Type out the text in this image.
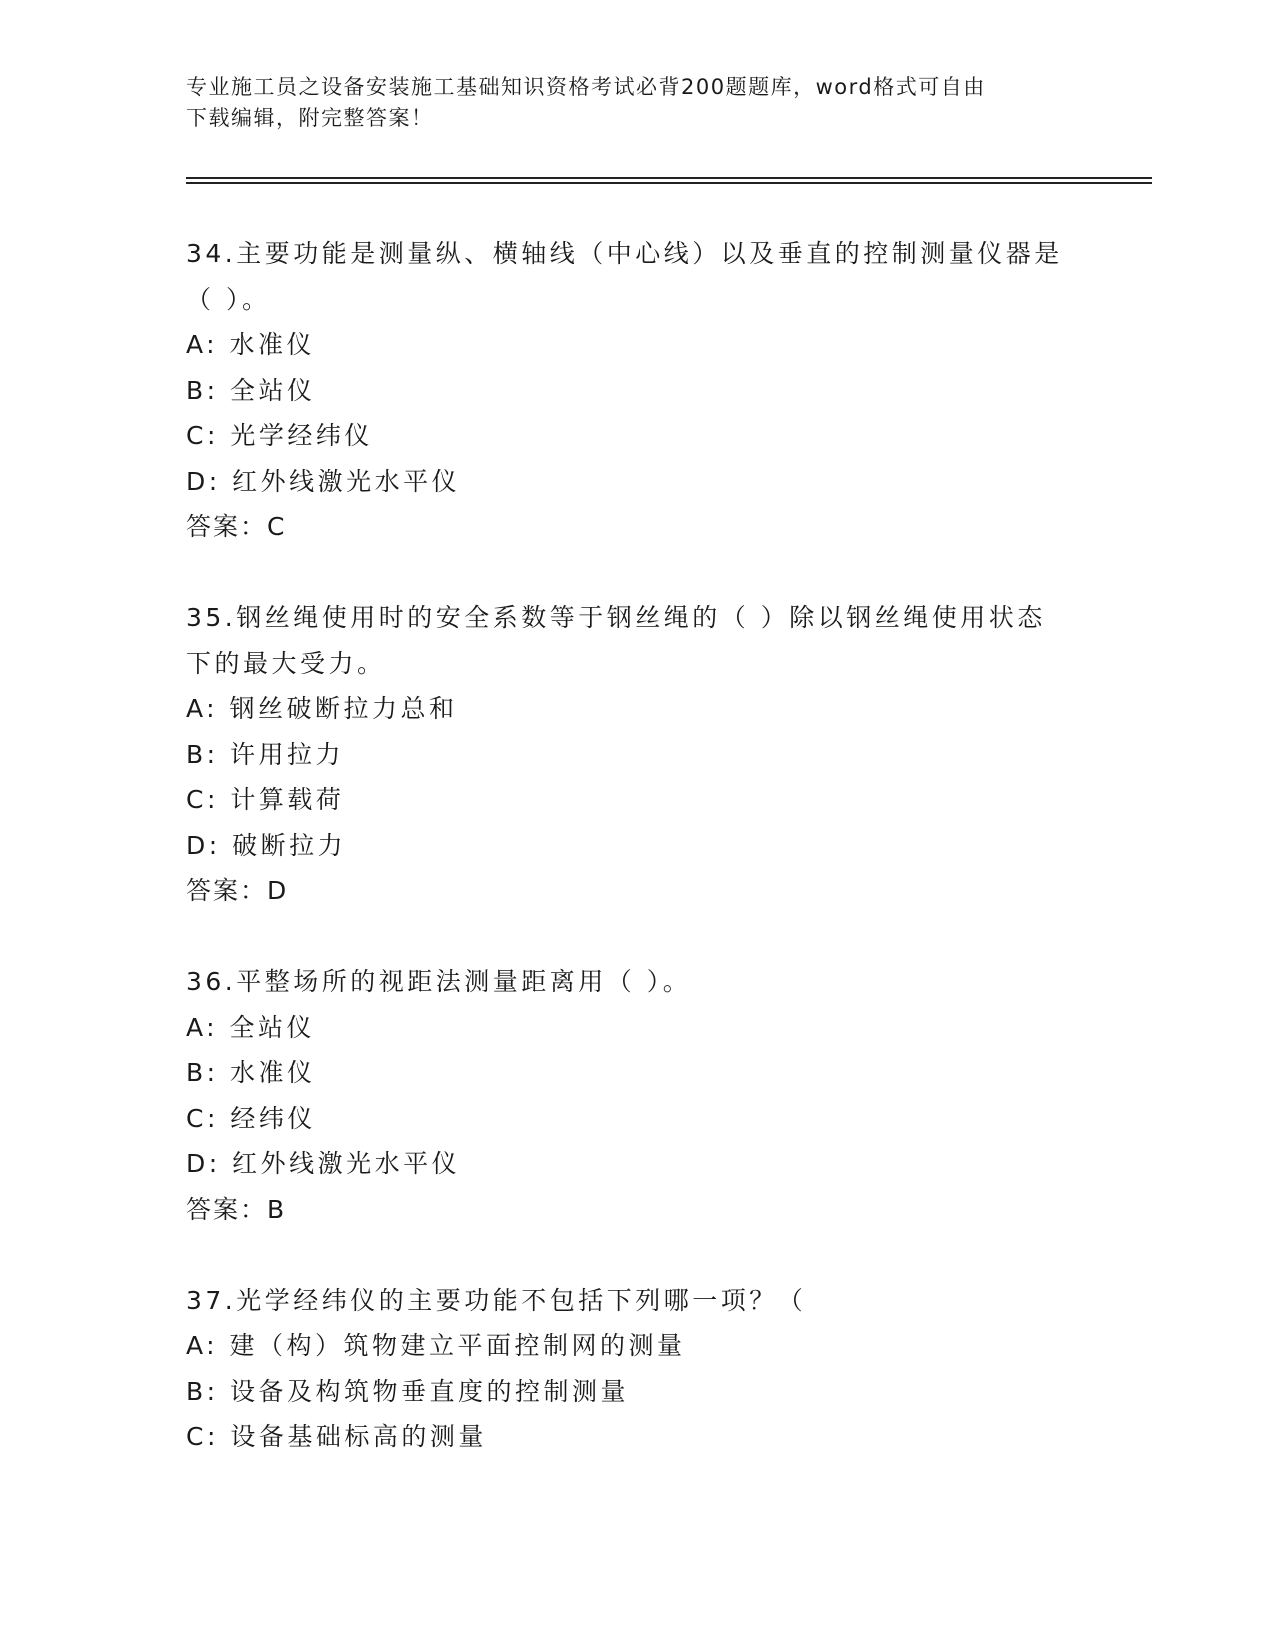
专业施工员之设备安装施工基础知识资格考试必背200题题库，word格式可自由
下载编辑，附完整答案！
34.主要功能是测量纵、横轴线（中心线）以及垂直的控制测量仪器是
（ ）。
A: 水准仪
B: 全站仪
C: 光学经纬仪
D: 红外线激光水平仪
答案：C
35.钢丝绳使用时的安全系数等于钢丝绳的（ ）除以钢丝绳使用状态
下的最大受力。
A: 钢丝破断拉力总和
B: 许用拉力
C: 计算载荷
D: 破断拉力
答案：D
36.平整场所的视距法测量距离用（ ）。
A: 全站仪
B: 水准仪
C: 经纬仪
D: 红外线激光水平仪
答案：B
37.光学经纬仪的主要功能不包括下列哪一项？（
A: 建（构）筑物建立平面控制网的测量
B: 设备及构筑物垂直度的控制测量
C: 设备基础标高的测量
